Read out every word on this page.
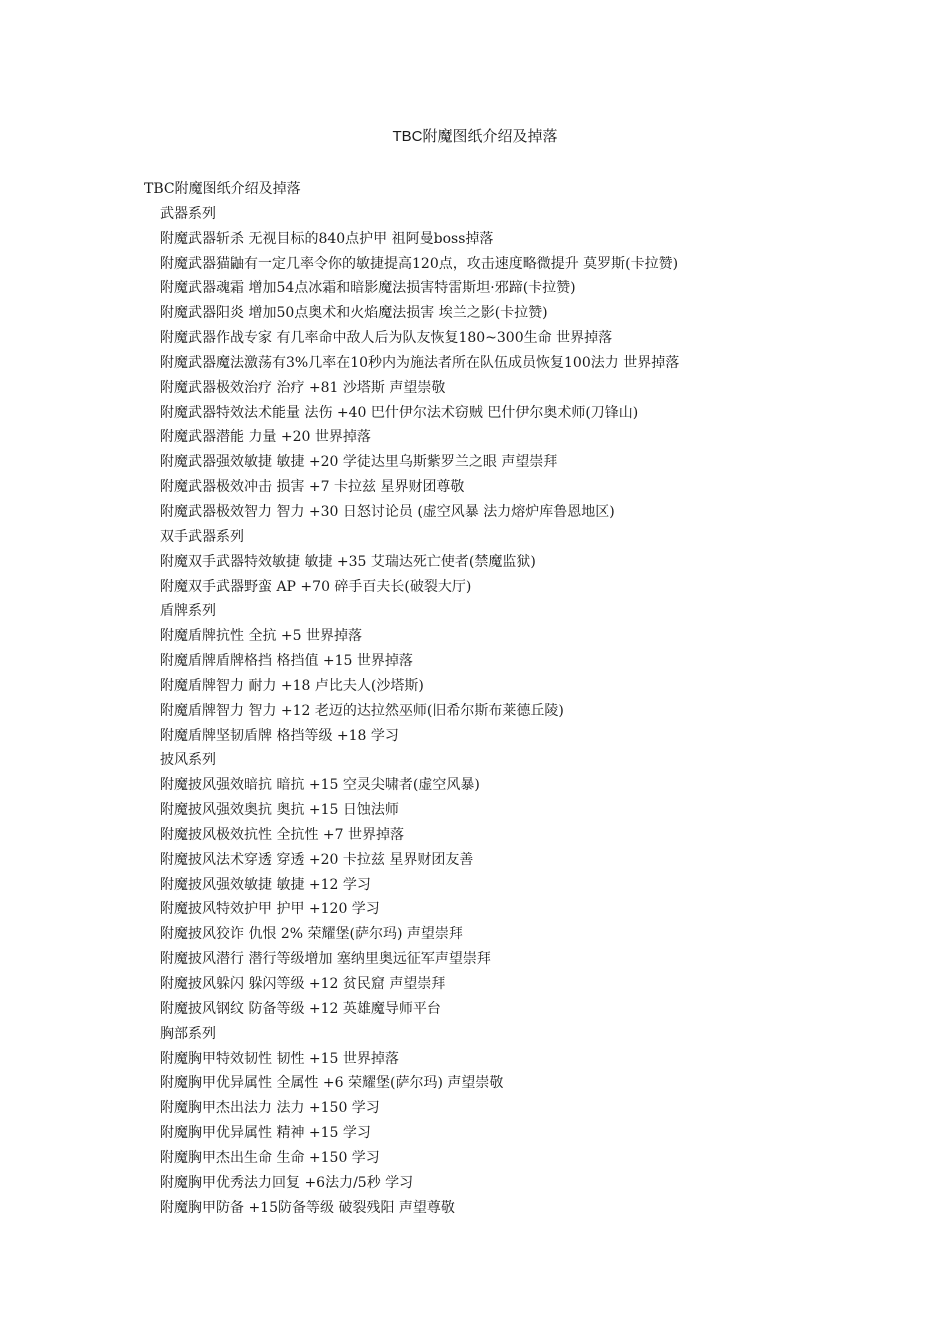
TBC附魔图纸介绍及掉落
TBC附魔图纸介绍及掉落
武器系列
附魔武器斩杀 无视目标的840点护甲 祖阿曼boss掉落
附魔武器猫鼬有一定几率令你的敏捷提高120点，攻击速度略微提升 莫罗斯(卡拉赞)
附魔武器魂霜 增加54点冰霜和暗影魔法损害特雷斯坦·邪蹄(卡拉赞)
附魔武器阳炎 增加50点奥术和火焰魔法损害 埃兰之影(卡拉赞)
附魔武器作战专家 有几率命中敌人后为队友恢复180~300生命 世界掉落
附魔武器魔法激荡有3%几率在10秒内为施法者所在队伍成员恢复100法力 世界掉落
附魔武器极效治疗 治疗 +81 沙塔斯 声望崇敬
附魔武器特效法术能量 法伤 +40 巴什伊尔法术窃贼 巴什伊尔奥术师(刀锋山)
附魔武器潜能 力量 +20 世界掉落
附魔武器强效敏捷 敏捷 +20 学徒达里乌斯紫罗兰之眼 声望崇拜
附魔武器极效冲击 损害 +7 卡拉兹 星界财团尊敬
附魔武器极效智力 智力 +30 日怒讨论员 (虚空风暴 法力熔炉库鲁恩地区)
双手武器系列
附魔双手武器特效敏捷 敏捷 +35 艾瑞达死亡使者(禁魔监狱)
附魔双手武器野蛮 AP +70 碎手百夫长(破裂大厅)
盾牌系列
附魔盾牌抗性 全抗 +5 世界掉落
附魔盾牌盾牌格挡 格挡值 +15 世界掉落
附魔盾牌智力 耐力 +18 卢比夫人(沙塔斯)
附魔盾牌智力 智力 +12 老迈的达拉然巫师(旧希尔斯布莱德丘陵)
附魔盾牌坚韧盾牌 格挡等级 +18 学习
披风系列
附魔披风强效暗抗 暗抗 +15 空灵尖啸者(虚空风暴)
附魔披风强效奥抗 奥抗 +15 日蚀法师
附魔披风极效抗性 全抗性 +7 世界掉落
附魔披风法术穿透 穿透 +20 卡拉兹 星界财团友善
附魔披风强效敏捷 敏捷 +12 学习
附魔披风特效护甲 护甲 +120 学习
附魔披风狡诈 仇恨 2% 荣耀堡(萨尔玛) 声望崇拜
附魔披风潜行 潜行等级增加 塞纳里奥远征军声望崇拜
附魔披风躲闪 躲闪等级 +12 贫民窟 声望崇拜
附魔披风钢纹 防备等级 +12 英雄魔导师平台
胸部系列
附魔胸甲特效韧性 韧性 +15 世界掉落
附魔胸甲优异属性 全属性 +6 荣耀堡(萨尔玛) 声望崇敬
附魔胸甲杰出法力 法力 +150 学习
附魔胸甲优异属性 精神 +15 学习
附魔胸甲杰出生命 生命 +150 学习
附魔胸甲优秀法力回复 +6法力/5秒 学习
附魔胸甲防备 +15防备等级 破裂残阳 声望尊敬
